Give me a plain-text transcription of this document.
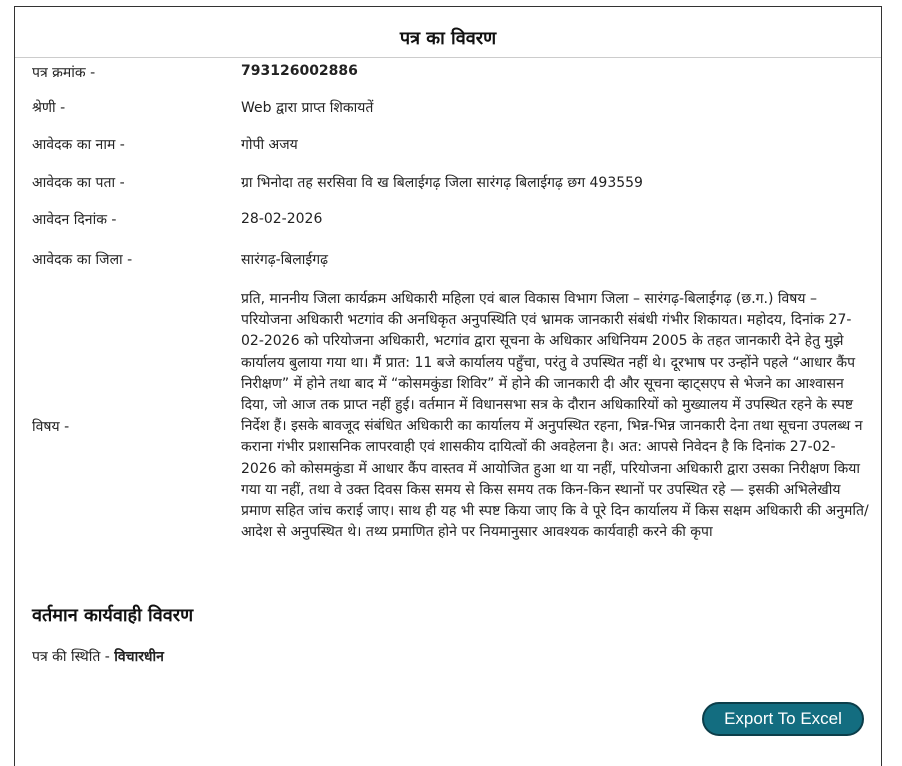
पत्र का विवरण
पत्र क्रमांक -	793126002886
श्रेणी -	Web द्वारा प्राप्त शिकायतें
आवेदक का नाम -	गोपी अजय
आवेदक का पता -	ग्रा भिनोदा तह सरसिवा वि ख बिलाईगढ़ जिला सारंगढ़ बिलाईगढ़ छग 493559
आवेदन दिनांक -	28-02-2026
आवेदक का जिला -	सारंगढ़-बिलाईगढ़
विषय -
प्रति, माननीय जिला कार्यक्रम अधिकारी महिला एवं बाल विकास विभाग जिला – सारंगढ़-बिलाईगढ़ (छ.ग.) विषय – परियोजना अधिकारी भटगांव की अनधिकृत अनुपस्थिति एवं भ्रामक जानकारी संबंधी गंभीर शिकायत। महोदय, दिनांक 27-02-2026 को परियोजना अधिकारी, भटगांव द्वारा सूचना के अधिकार अधिनियम 2005 के तहत जानकारी देने हेतु मुझे कार्यालय बुलाया गया था। मैं प्रात: 11 बजे कार्यालय पहुँचा, परंतु वे उपस्थित नहीं थे। दूरभाष पर उन्होंने पहले “आधार कैंप निरीक्षण” में होने तथा बाद में “कोसमकुंडा शिविर” में होने की जानकारी दी और सूचना व्हाट्सएप से भेजने का आश्वासन दिया, जो आज तक प्राप्त नहीं हुई। वर्तमान में विधानसभा सत्र के दौरान अधिकारियों को मुख्यालय में उपस्थित रहने के स्पष्ट निर्देश हैं। इसके बावजूद संबंधित अधिकारी का कार्यालय में अनुपस्थित रहना, भिन्न-भिन्न जानकारी देना तथा सूचना उपलब्ध न कराना गंभीर प्रशासनिक लापरवाही एवं शासकीय दायित्वों की अवहेलना है। अत: आपसे निवेदन है कि दिनांक 27-02-2026 को कोसमकुंडा में आधार कैंप वास्तव में आयोजित हुआ था या नहीं, परियोजना अधिकारी द्वारा उसका निरीक्षण किया गया या नहीं, तथा वे उक्त दिवस किस समय से किस समय तक किन-किन स्थानों पर उपस्थित रहे — इसकी अभिलेखीय प्रमाण सहित जांच कराई जाए। साथ ही यह भी स्पष्ट किया जाए कि वे पूरे दिन कार्यालय में किस सक्षम अधिकारी की अनुमति/आदेश से अनुपस्थित थे। तथ्य प्रमाणित होने पर नियमानुसार आवश्यक कार्यवाही करने की कृपा
वर्तमान कार्यवाही विवरण
पत्र की स्थिति - विचारधीन
Export To Excel
